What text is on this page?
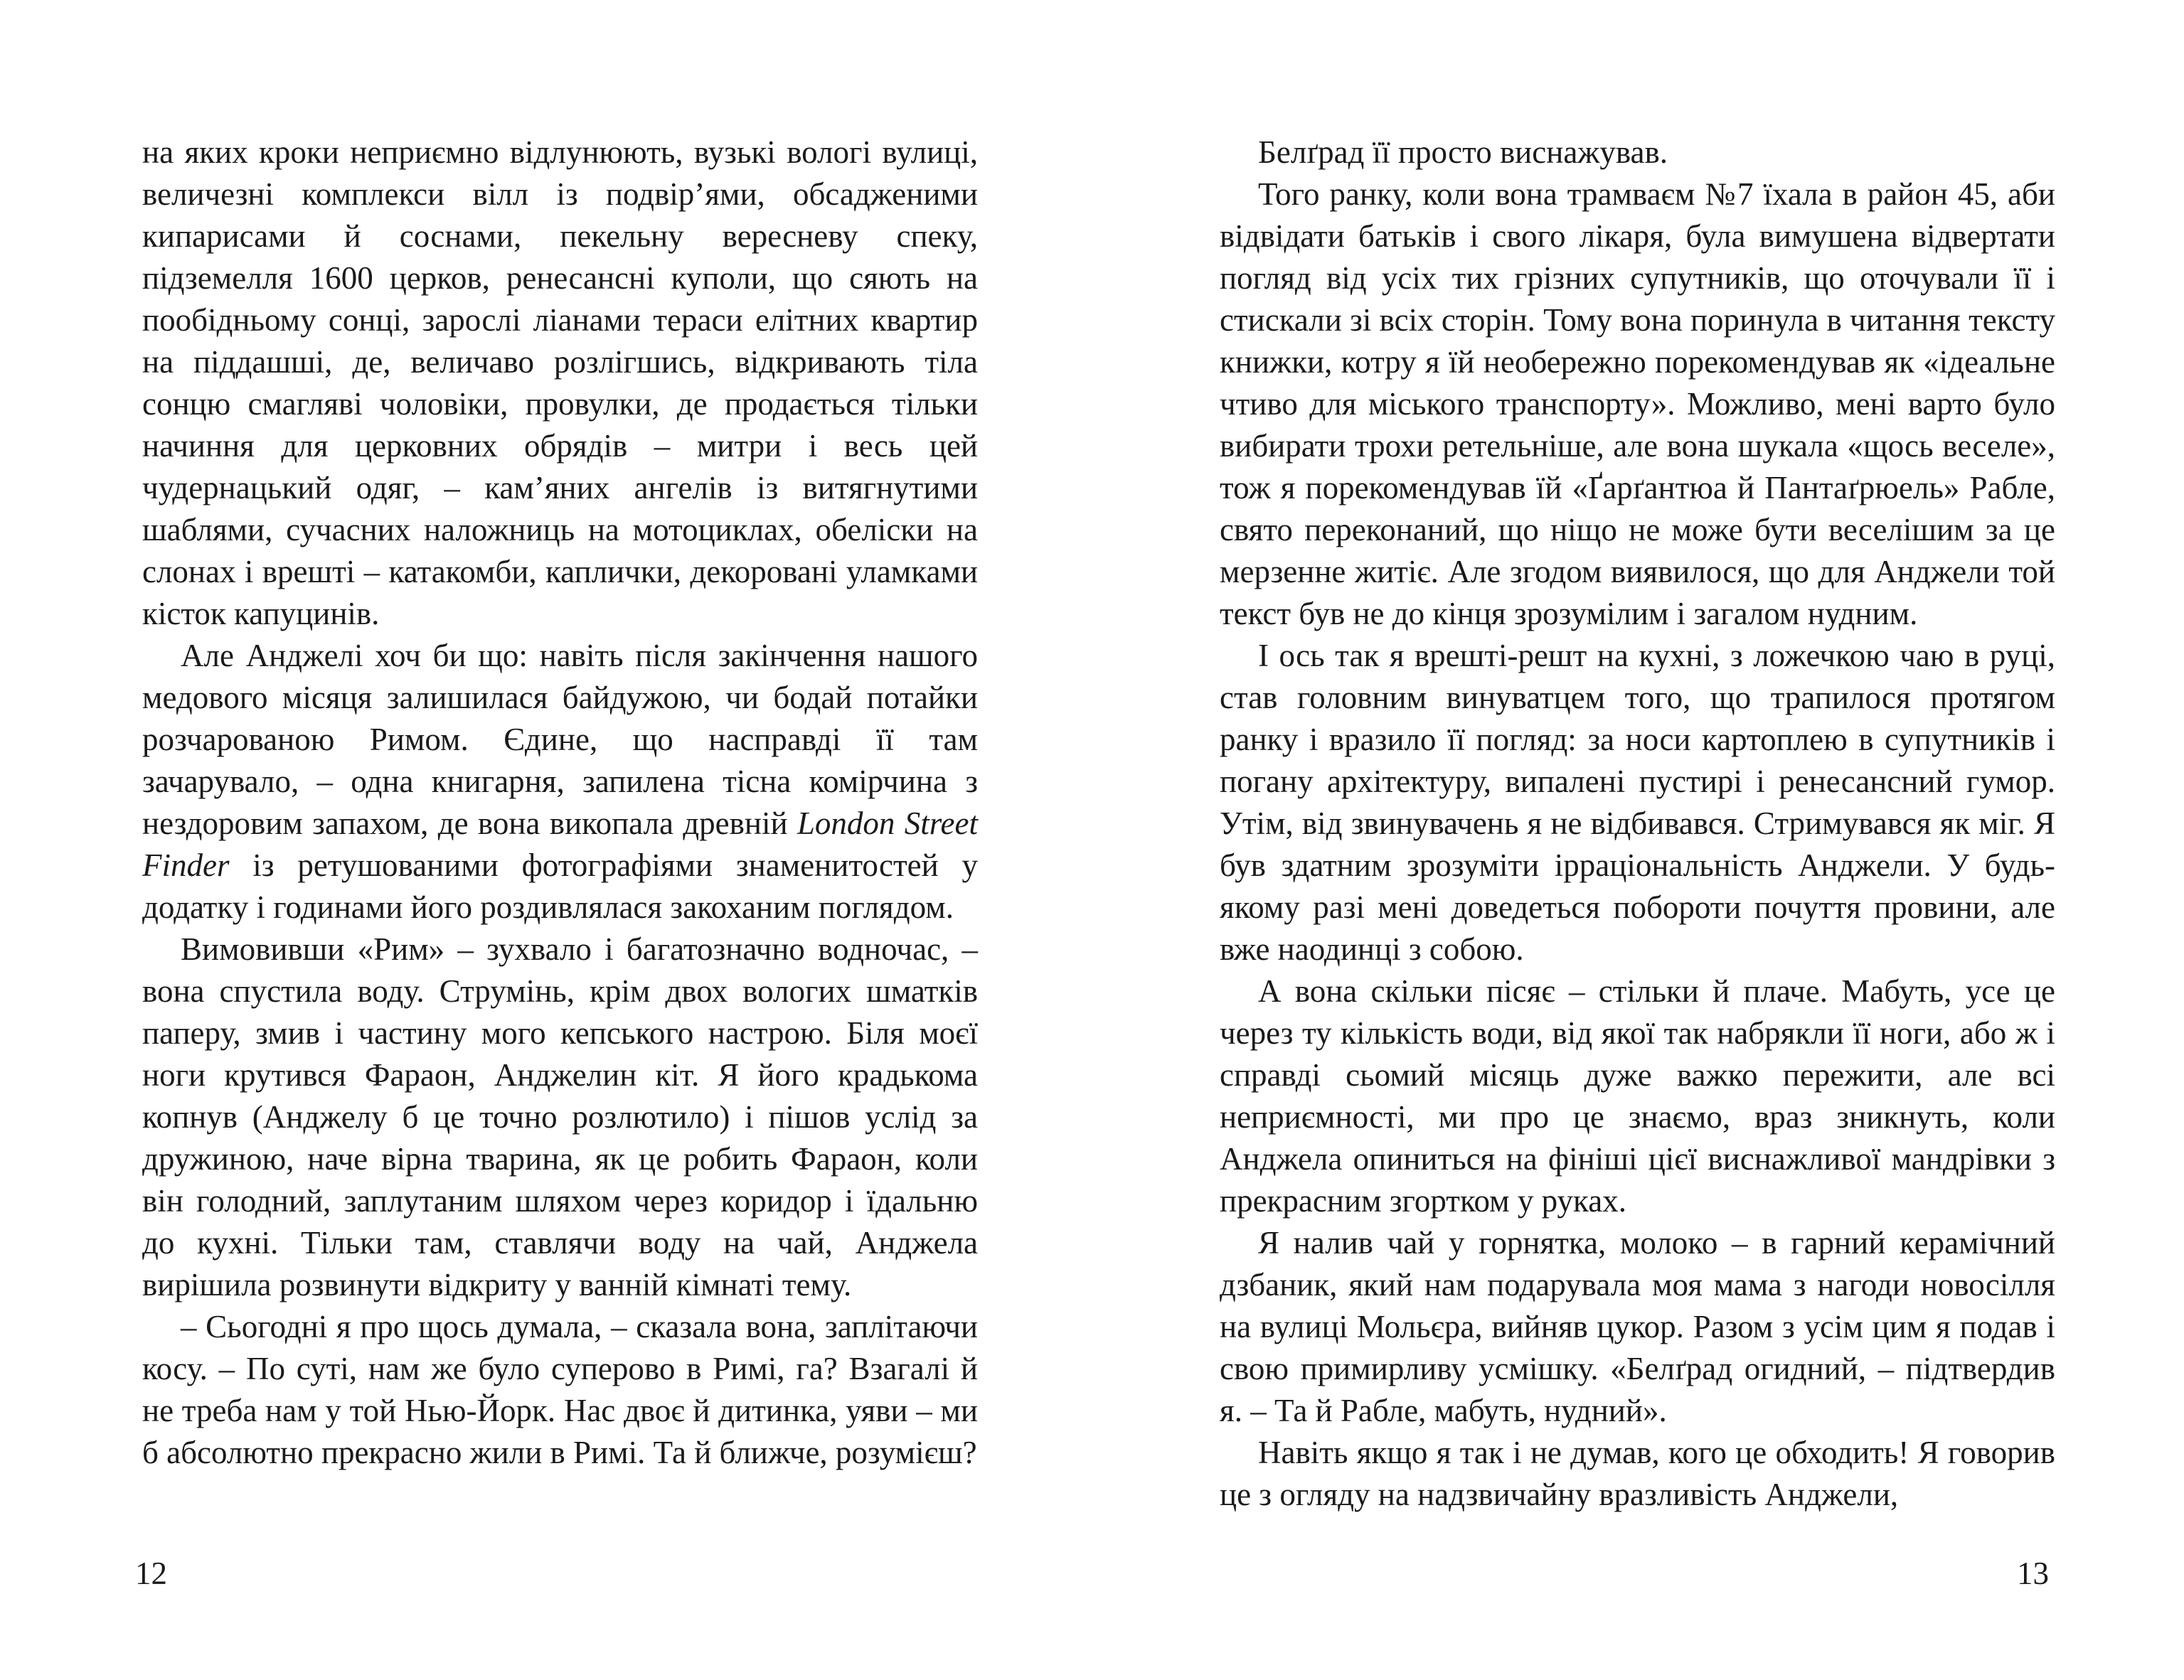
на яких кроки неприємно відлунюють, вузькі вологі вулиці, величезні комплекси вілл із подвір’ями, обсадженими кипарисами й соснами, пекельну вересневу спеку, підземелля 1600 церков, ренесансні куполи, що сяють на пообідньому сонці, зарослі ліанами тераси елітних квартир на піддашші, де, величаво розлігшись, відкривають тіла сонцю смагляві чоловіки, провулки, де продається тільки начиння для церковних обрядів – митри і весь цей чудернацький одяг, – кам’яних ангелів із витягнутими шаблями, сучасних наложниць на мотоциклах, обеліски на слонах і врешті – катакомби, каплички, декоровані уламками кісток капуцинів.

Але Анджелі хоч би що: навіть після закінчення нашого медового місяця залишилася байдужою, чи бодай потайки розчарованою Римом. Єдине, що насправді її там зачарувало, – одна книгарня, запилена тісна комірчина з нездоровим запахом, де вона викопала древній London Street Finder із ретушованими фотографіями знаменитостей у додатку і годинами його роздивлялася закоханим поглядом.

Вимовивши «Рим» – зухвало і багатозначно водночас, – вона спустила воду. Струмінь, крім двох вологих шматків паперу, змив і частину мого кепського настрою. Біля моєї ноги крутився Фараон, Анджелин кіт. Я його крадькома копнув (Анджелу б це точно розлютило) і пішов услід за дружиною, наче вірна тварина, як це робить Фараон, коли він голодний, заплутаним шляхом через коридор і їдальню до кухні. Тільки там, ставлячи воду на чай, Анджела вирішила розвинути відкриту у ванній кімнаті тему.

– Сьогодні я про щось думала, – сказала вона, заплітаючи косу. – По суті, нам же було суперово в Римі, га? Взагалі й не треба нам у той Нью-Йорк. Нас двоє й дитинка, уяви – ми б абсолютно прекрасно жили в Римі. Та й ближче, розумієш?

Белґрад її просто виснажував.

Того ранку, коли вона трамваєм №7 їхала в район 45, аби відвідати батьків і свого лікаря, була вимушена відвертати погляд від усіх тих грізних супутників, що оточували її і стискали зі всіх сторін. Тому вона поринула в читання тексту книжки, котру я їй необережно порекомендував як «ідеальне чтиво для міського транспорту». Можливо, мені варто було вибирати трохи ретельніше, але вона шукала «щось веселе», тож я порекомендував їй «Ґарґантюа й Пантаґрюель» Рабле, свято переконаний, що ніщо не може бути веселішим за це мерзенне житіє. Але згодом виявилося, що для Анджели той текст був не до кінця зрозумілим і загалом нудним.

І ось так я врешті-решт на кухні, з ложечкою чаю в руці, став головним винуватцем того, що трапилося протягом ранку і вразило її погляд: за носи картоплею в супутників і погану архітектуру, випалені пустирі і ренесансний гумор. Утім, від звинувачень я не відбивався. Стримувався як міг. Я був здатним зрозуміти ірраціональність Анджели. У будь-якому разі мені доведеться побороти почуття провини, але вже наодинці з собою.

А вона скільки пісяє – стільки й плаче. Мабуть, усе це через ту кількість води, від якої так набрякли її ноги, або ж і справді сьомий місяць дуже важко пережити, але всі неприємності, ми про це знаємо, враз зникнуть, коли Анджела опиниться на фініші цієї виснажливої мандрівки з прекрасним згортком у руках.

Я налив чай у горнятка, молоко – в гарний керамічний дзбаник, який нам подарувала моя мама з нагоди новосілля на вулиці Мольєра, вийняв цукор. Разом з усім цим я подав і свою примирливу усмішку. «Белґрад огидний, – підтвердив я. – Та й Рабле, мабуть, нудний».

Навіть якщо я так і не думав, кого це обходить! Я говорив це з огляду на надзвичайну вразливість Анджели,

12	13
